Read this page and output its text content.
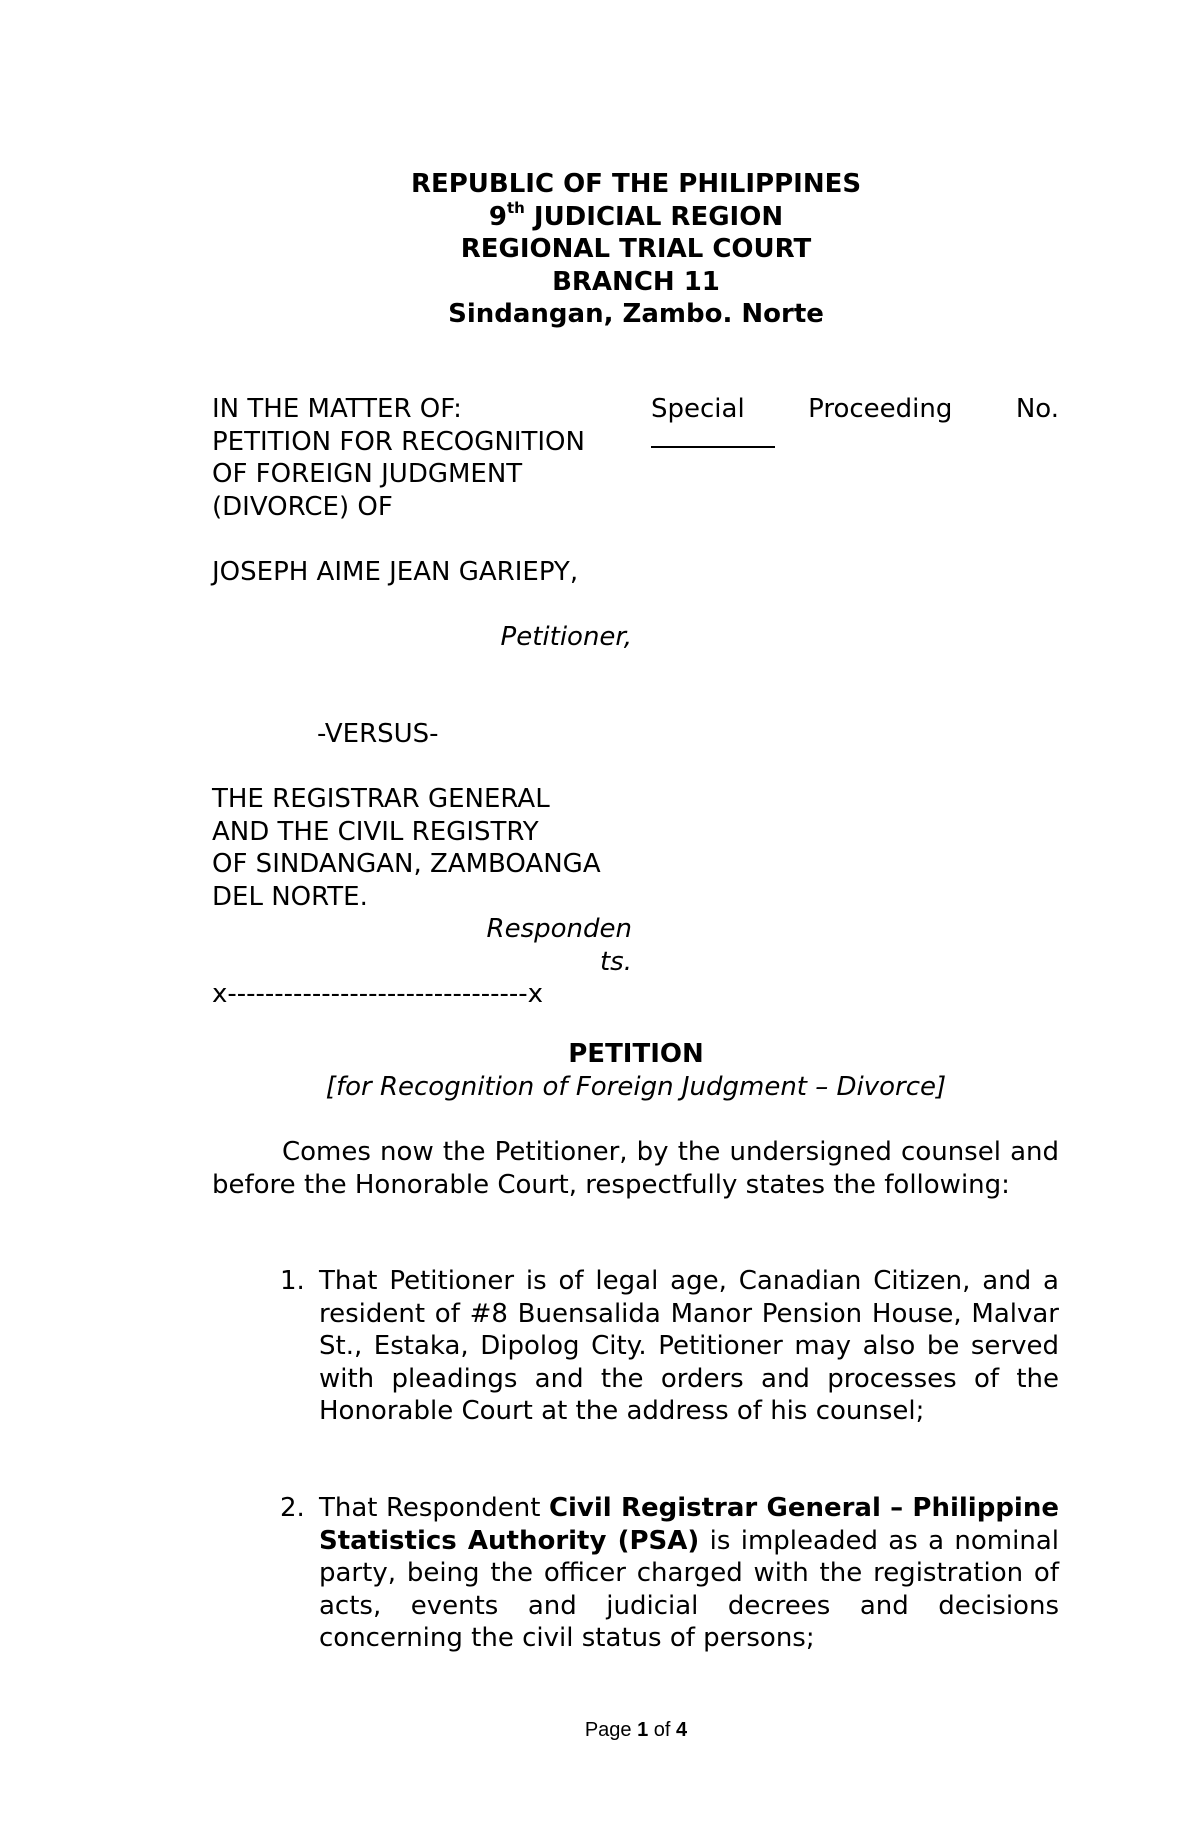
REPUBLIC OF THE PHILIPPINES
9th JUDICIAL REGION
REGIONAL TRIAL COURT
BRANCH 11
Sindangan, Zambo. Norte
IN THE MATTER OF:
PETITION FOR RECOGNITION
OF FOREIGN JUDGMENT
(DIVORCE) OF
JOSEPH AIME JEAN GARIEPY,
Petitioner,
-VERSUS-
THE REGISTRAR GENERAL
AND THE CIVIL REGISTRY
OF SINDANGAN, ZAMBOANGA
DEL NORTE.
Responden
ts.
Special Proceeding No.
x--------------------------------x
PETITION
[for Recognition of Foreign Judgment – Divorce]
Comes now the Petitioner, by the undersigned counsel and before the Honorable Court, respectfully states the following:
1. That Petitioner is of legal age, Canadian Citizen, and a resident of #8 Buensalida Manor Pension House, Malvar St., Estaka, Dipolog City. Petitioner may also be served with pleadings and the orders and processes of the Honorable Court at the address of his counsel;
2. That Respondent Civil Registrar General – Philippine Statistics Authority (PSA) is impleaded as a nominal party, being the officer charged with the registration of acts, events and judicial decrees and decisions concerning the civil status of persons;
Page 1 of 4
